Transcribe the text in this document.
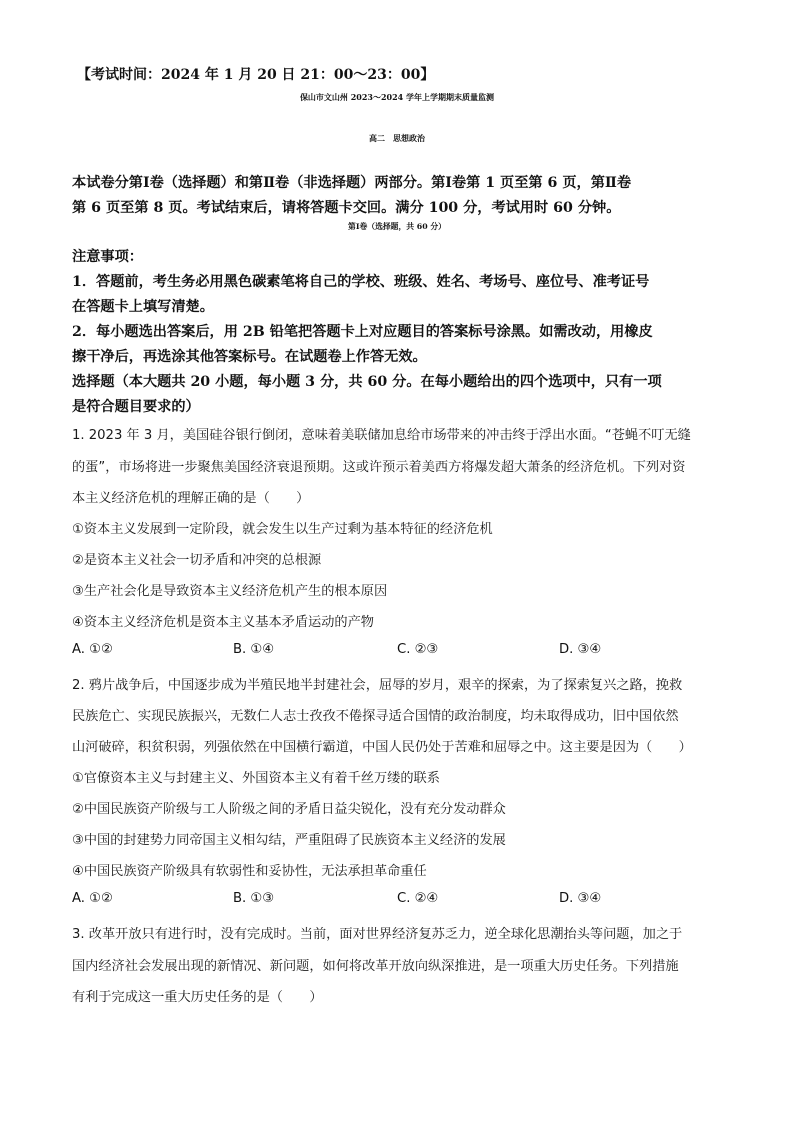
【考试时间：2024 年 1 月 20 日 21：00～23：00】
保山市文山州 2023～2024 学年上学期期末质量监测
高二　思想政治
本试卷分第Ⅰ卷（选择题）和第Ⅱ卷（非选择题）两部分。第Ⅰ卷第 1 页至第 6 页，第Ⅱ卷
第 6 页至第 8 页。考试结束后，请将答题卡交回。满分 100 分，考试用时 60 分钟。
第Ⅰ卷（选择题，共 60 分）
注意事项：
1．答题前，考生务必用黑色碳素笔将自己的学校、班级、姓名、考场号、座位号、准考证号
在答题卡上填写清楚。
2．每小题选出答案后，用 2B 铅笔把答题卡上对应题目的答案标号涂黑。如需改动，用橡皮
擦干净后，再选涂其他答案标号。在试题卷上作答无效。
选择题（本大题共 20 小题，每小题 3 分，共 60 分。在每小题给出的四个选项中，只有一项
是符合题目要求的）
1. 2023 年 3 月，美国硅谷银行倒闭，意味着美联储加息给市场带来的冲击终于浮出水面。“苍蝇不叮无缝
的蛋”，市场将进一步聚焦美国经济衰退预期。这或许预示着美西方将爆发超大萧条的经济危机。下列对资
本主义经济危机的理解正确的是（　　）
①资本主义发展到一定阶段，就会发生以生产过剩为基本特征的经济危机
②是资本主义社会一切矛盾和冲突的总根源
③生产社会化是导致资本主义经济危机产生的根本原因
④资本主义经济危机是资本主义基本矛盾运动的产物
A. ①②	B. ①④	C. ②③	D. ③④
2. 鸦片战争后，中国逐步成为半殖民地半封建社会，屈辱的岁月，艰辛的探索，为了探索复兴之路，挽救
民族危亡、实现民族振兴，无数仁人志士孜孜不倦探寻适合国情的政治制度，均未取得成功，旧中国依然
山河破碎，积贫积弱，列强依然在中国横行霸道，中国人民仍处于苦难和屈辱之中。这主要是因为（　　）
①官僚资本主义与封建主义、外国资本主义有着千丝万缕的联系
②中国民族资产阶级与工人阶级之间的矛盾日益尖锐化，没有充分发动群众
③中国的封建势力同帝国主义相勾结，严重阻碍了民族资本主义经济的发展
④中国民族资产阶级具有软弱性和妥协性，无法承担革命重任
A. ①②	B. ①③	C. ②④	D. ③④
3. 改革开放只有进行时，没有完成时。当前，面对世界经济复苏乏力，逆全球化思潮抬头等问题，加之于
国内经济社会发展出现的新情况、新问题，如何将改革开放向纵深推进，是一项重大历史任务。下列措施
有利于完成这一重大历史任务的是（　　）
